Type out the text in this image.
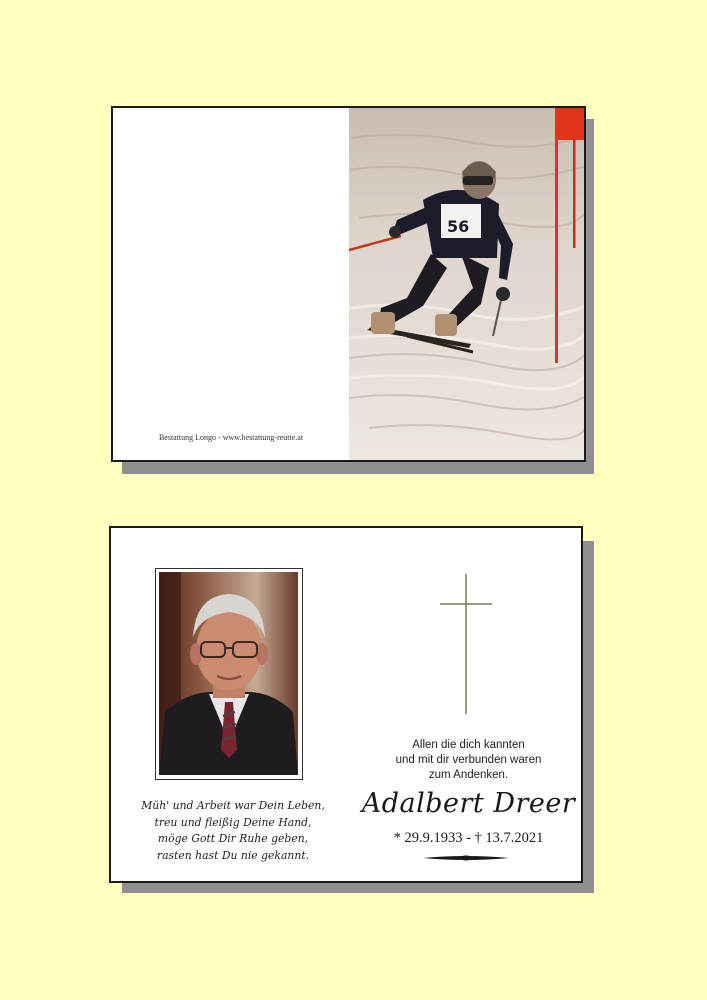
Bestattung Longo - www.bestattung-reutte.at
56
Müh' und Arbeit war Dein Leben,
treu und fleißig Deine Hand,
möge Gott Dir Ruhe geben,
rasten hast Du nie gekannt.
Allen die dich kannten
und mit dir verbunden waren
zum Andenken.
Adalbert Dreer
* 29.9.1933 - † 13.7.2021
